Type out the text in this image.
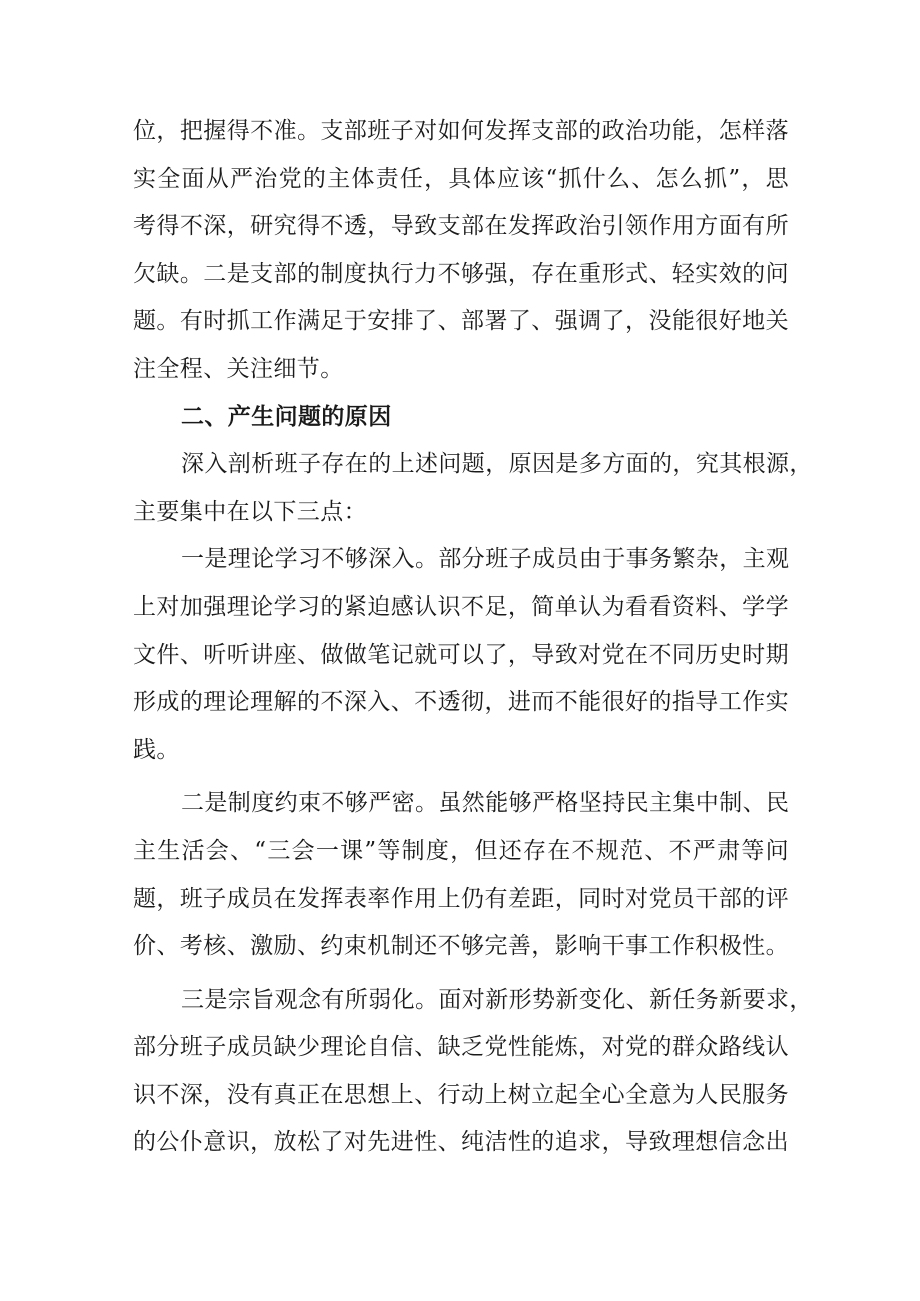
位，把握得不准。支部班子对如何发挥支部的政治功能，怎样落
实全面从严治党的主体责任，具体应该“抓什么、怎么抓”，思
考得不深，研究得不透，导致支部在发挥政治引领作用方面有所
欠缺。二是支部的制度执行力不够强，存在重形式、轻实效的问
题。有时抓工作满足于安排了、部署了、强调了，没能很好地关
注全程、关注细节。
二、产生问题的原因
深入剖析班子存在的上述问题，原因是多方面的，究其根源，
主要集中在以下三点：
一是理论学习不够深入。部分班子成员由于事务繁杂，主观
上对加强理论学习的紧迫感认识不足，简单认为看看资料、学学
文件、听听讲座、做做笔记就可以了，导致对党在不同历史时期
形成的理论理解的不深入、不透彻，进而不能很好的指导工作实
践。
二是制度约束不够严密。虽然能够严格坚持民主集中制、民
主生活会、“三会一课”等制度，但还存在不规范、不严肃等问
题，班子成员在发挥表率作用上仍有差距，同时对党员干部的评
价、考核、激励、约束机制还不够完善，影响干事工作积极性。
三是宗旨观念有所弱化。面对新形势新变化、新任务新要求，
部分班子成员缺少理论自信、缺乏党性能炼，对党的群众路线认
识不深，没有真正在思想上、行动上树立起全心全意为人民服务
的公仆意识，放松了对先进性、纯洁性的追求，导致理想信念出
